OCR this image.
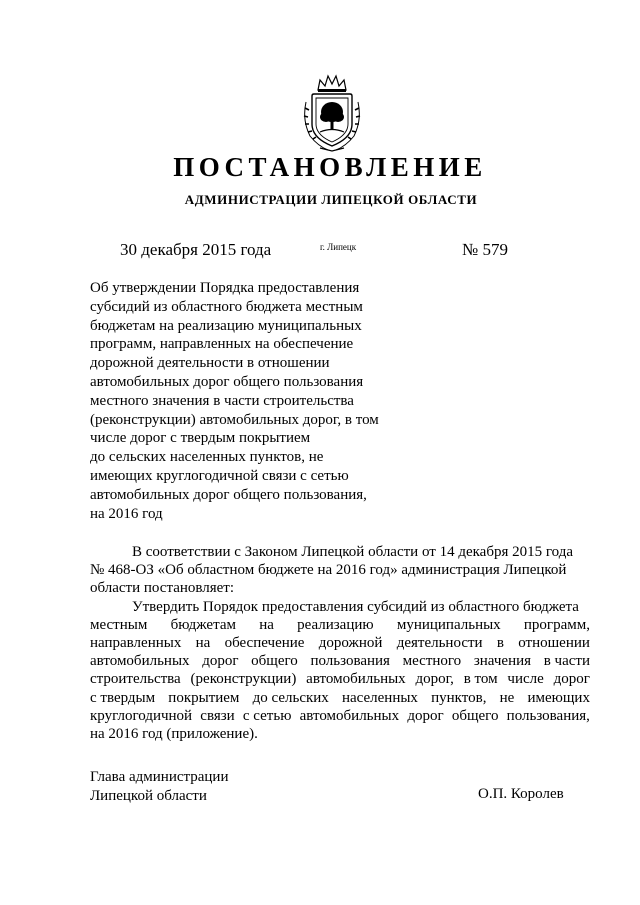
ПОСТАНОВЛЕНИЕ
АДМИНИСТРАЦИИ ЛИПЕЦКОЙ ОБЛАСТИ
30 декабря 2015 года	г. Липецк	№ 579
Об утверждении Порядка предоставления
субсидий из областного бюджета местным
бюджетам на реализацию муниципальных
программ, направленных на обеспечение
дорожной деятельности в отношении
автомобильных дорог общего пользования
местного значения в части строительства
(реконструкции) автомобильных дорог, в том
числе дорог с твердым покрытием
до сельских населенных пунктов, не
имеющих круглогодичной связи с сетью
автомобильных дорог общего пользования,
на 2016 год
В соответствии с Законом Липецкой области от 14 декабря 2015 года
№ 468-ОЗ «Об областном бюджете на 2016 год» администрация Липецкой
области постановляет:
Утвердить Порядок предоставления субсидий из областного бюджета
местным бюджетам на реализацию муниципальных программ,
направленных на обеспечение дорожной деятельности в отношении
автомобильных дорог общего пользования местного значения в части
строительства (реконструкции) автомобильных дорог, в том числе дорог
с твердым покрытием до сельских населенных пунктов, не имеющих
круглогодичной связи с сетью автомобильных дорог общего пользования,
на 2016 год (приложение).
Глава администрации
Липецкой области	О.П. Королев
